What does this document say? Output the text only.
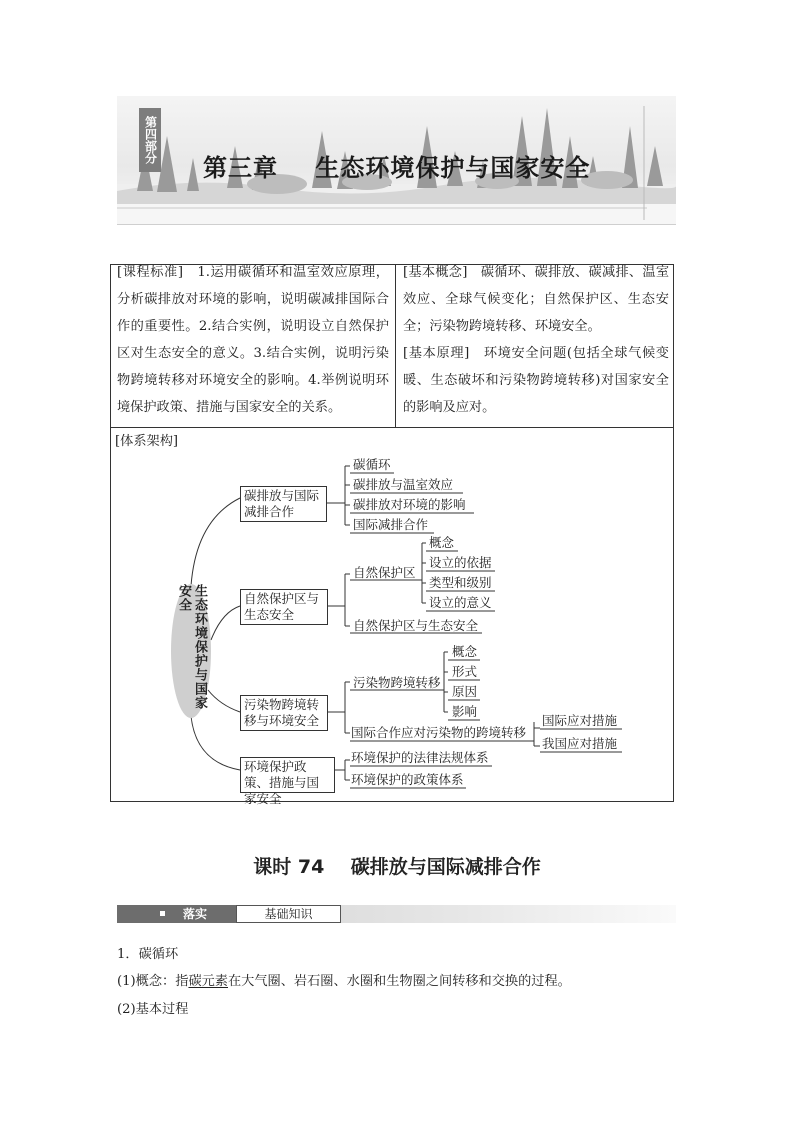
第四部分
第三章    生态环境保护与国家安全
[课程标准] 1.运用碳循环和温室效应原理，分析碳排放对环境的影响，说明碳减排国际合作的重要性。2.结合实例，说明设立自然保护区对生态安全的意义。3.结合实例，说明污染物跨境转移对环境安全的影响。4.举例说明环境保护政策、措施与国家安全的关系。
[基本概念] 碳循环、碳排放、碳减排、温室效应、全球气候变化；自然保护区、生态安全；污染物跨境转移、环境安全。
[基本原理] 环境安全问题(包括全球气候变暖、生态破坏和污染物跨境转移)对国家安全的影响及应对。
[体系架构]
生态环境保护与国家安全
碳排放与国际减排合作
自然保护区与生态安全
污染物跨境转移与环境安全
环境保护政策、措施与国家安全
碳循环
碳排放与温室效应
碳排放对环境的影响
国际减排合作
自然保护区
概念
设立的依据
类型和级别
设立的意义
自然保护区与生态安全
污染物跨境转移
概念
形式
原因
影响
国际合作应对污染物的跨境转移
国际应对措施
我国应对措施
环境保护的法律法规体系
环境保护的政策体系
课时 74    碳排放与国际减排合作
落实	基础知识
1．碳循环
(1)概念：指碳元素在大气圈、岩石圈、水圈和生物圈之间转移和交换的过程。
(2)基本过程
